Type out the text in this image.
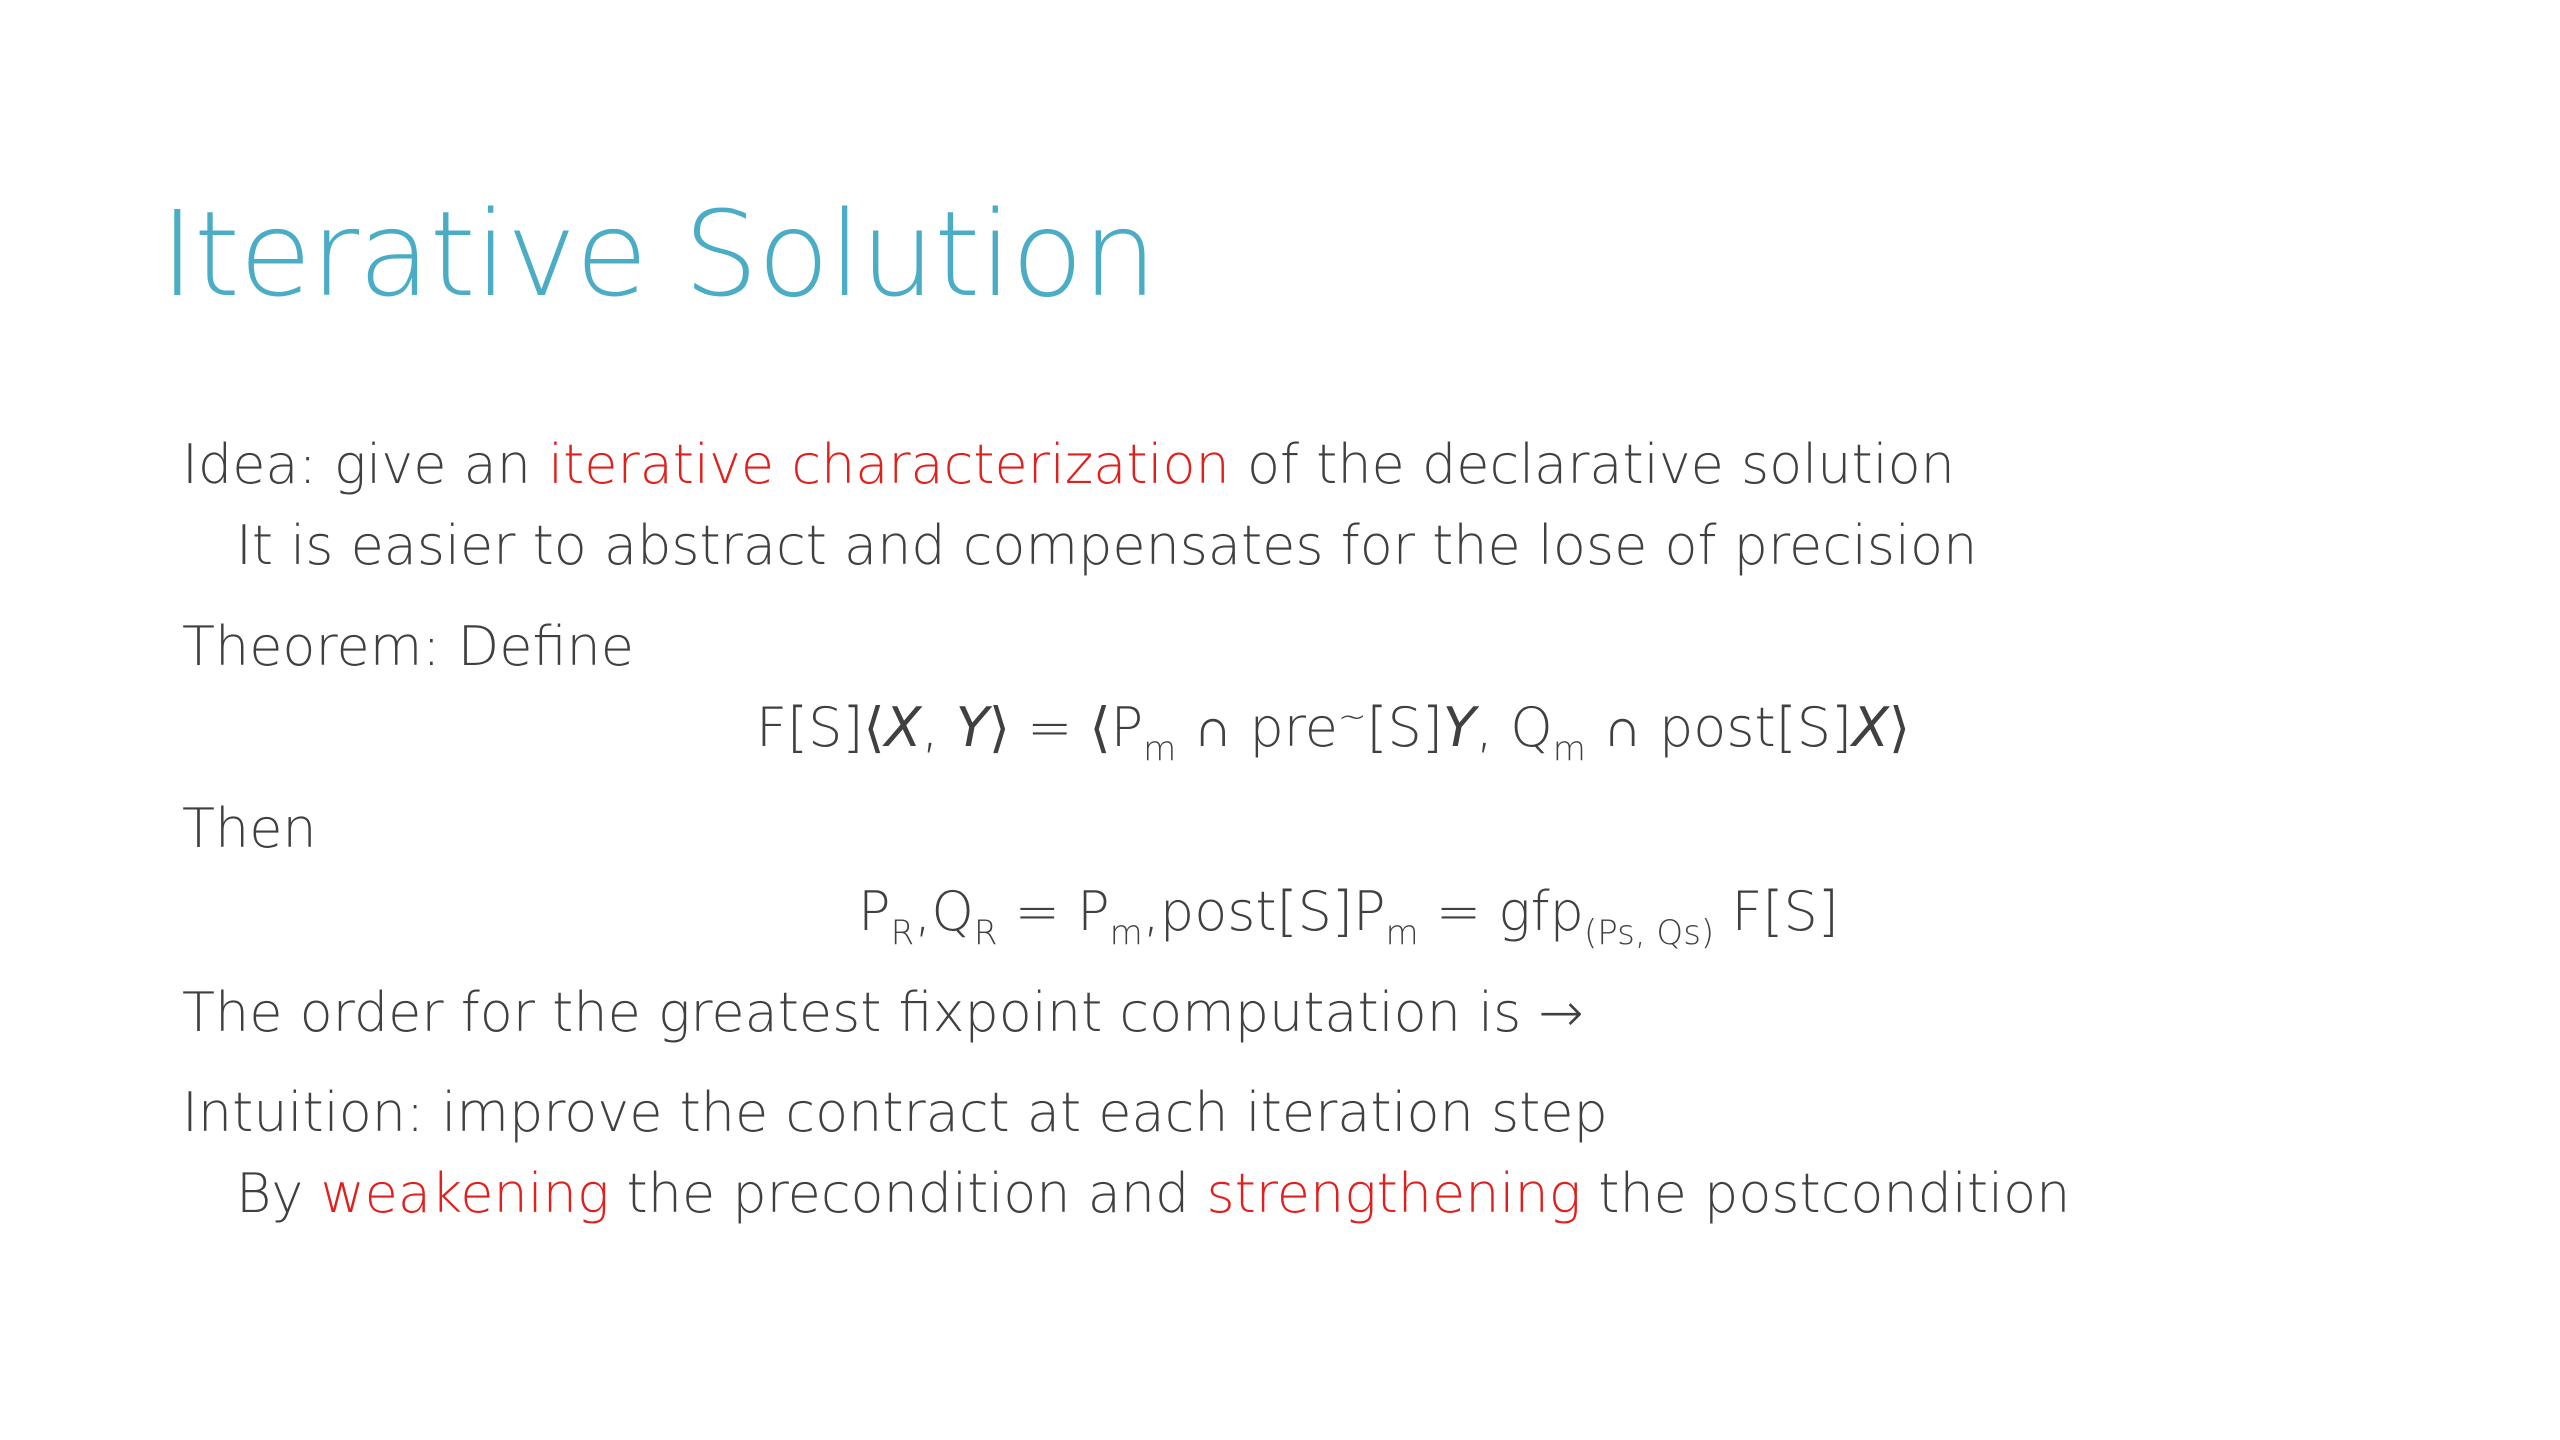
Iterative Solution
Idea: give an iterative characterization of the declarative solution
It is easier to abstract and compensates for the lose of precision
Theorem: Define
F[S]⟨X, Y⟩ = $⟨P_m$ ∩ pre~[S]Y, $Q_m$ ∩ post[S]X⟩
Then
$P_R,Q_R$ = $P_m,post[S]P_m = gfp_{(Ps, Qs)}$ F[S]
The order for the greatest fixpoint computation is →
Intuition: improve the contract at each iteration step
By weakening the precondition and strengthening the postcondition
